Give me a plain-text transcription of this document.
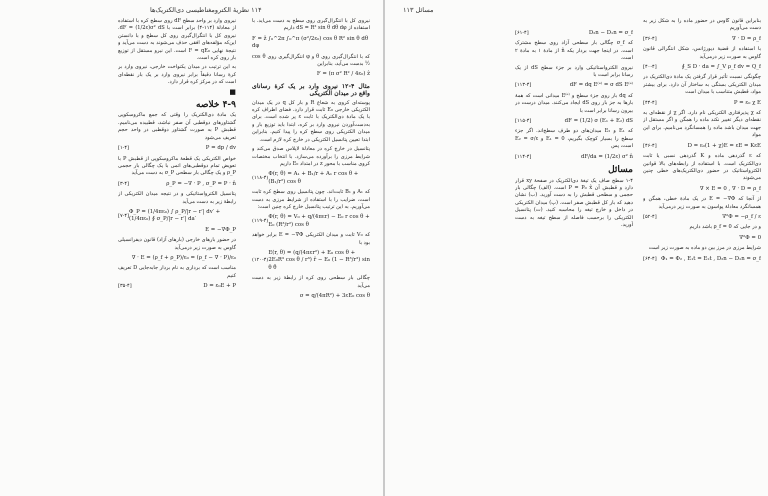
۱۱۴ نظریهٔ الکترومغناطیسی دی‌الکتریک‌ها

نیروی کل با انتگرال‌گیری روی سطح به دست می‌آید. با استفاده از dS = R² sin θ dθ dφ داریم

F = ẑ ∫₀^2π ∫₀^π (σ²/2ε₀) cos θ R² sin θ dθ dφ

که با انتگرال‌گیری روی θ و φ انتگرال‌گیری روی cos θ ½ بدست می‌آید، بنابراین

F = (π σ² R² / 4ε₀) ẑ
مثال ۴-۱۲ نیروی وارد بر یک کرهٔ رسانای واقع در میدان الکتریکی

پوسته‌ای کروی به شعاع R و بار کل q در یک میدان الکتریکی خارجی E₀ ثابت قرار دارد. فضای اطراف کره با یک مادهٔ دی‌الکتریک با ثابت ε پر شده است. برای به‌دست‌آوردن نیروی وارد بر کره، ابتدا باید توزیع بار و میدان الکتریکی روی سطح کره را پیدا کنیم. بنابراین ابتدا تعیین پتانسیل الکتریکی در خارج کره لازم است.

پتانسیل در خارج کره در معادلهٔ لاپلاس صدق می‌کند و شرایط مرزی را برآورده می‌سازد. با انتخاب مختصات کروی مناسب با محور z در امتداد E₀ داریم

(۱۱۸-۴)
Φ(r, θ) = A₁ + B₁/r + A₁ r cos θ + (B₁/r²) cos θ

که A₁ و B₁ ثابت‌اند. چون پتانسیل روی سطح کره ثابت است، ضرایب را با استفاده از شرایط مرزی به دست می‌آوریم. به این ترتیب پتانسیل خارج کره چنین است:

(۱۱۹-۴)
Φ(r, θ) = V₀ + q/(4πεr) − E₀ r cos θ + E₀ (R³/r²) cos θ

که V₀ ثابت و میدان الکتریکی E = −∇Φ برابر خواهد بود با

(۱۲۰-۴)
E(r, θ) = (q/(4πεr²) + E₀ cos θ + 2E₀R³ cos θ / r³) r̂ − E₀ (1 − R³/r³) sin θ θ̂

چگالی بار سطحی روی کره از رابطهٔ زیر به دست می‌آید

σ = q/(4πR²) + 3εE₀ cos θ

نیروی وارد بر واحد سطح dF روی سطح کره با استفاده از معادلهٔ (۱۱۴-۴) برابر است با dF = (1/2ε)σ² dS. نیروی کل با انتگرال‌گیری روی کل سطح و با دانستن این‌که مؤلفه‌های افقی حذف می‌شوند به دست می‌آید و نتیجهٔ نهایی F = qE₀ است. این نیرو مستقل از توزیع بار روی کره است.

به این ترتیب در میدان یکنواخت خارجی، نیروی وارد بر کرهٔ رسانا دقیقاً برابر نیروی وارد بر یک بار نقطه‌ای است که در مرکز کره قرار دارد.

■
۴-۹ خلاصه

یک مادهٔ دی‌الکتریک را وقتی که جمع ماکروسکوپی گشتاورهای دوقطبی آن صفر نباشد، قطبیده می‌نامیم. قطبش P به صورت گشتاور دوقطبی در واحد حجم تعریف می‌شود

[۱-۴]	P = dp / dv

خواص الکتریکی یک قطعهٔ ماکروسکوپی از قطبش P با تعویض تمام دوقطبی‌های اتمی با یک چگالی بار حجمی ρ_P و یک چگالی بار سطحی σ_P به دست می‌آید

[۳-۴]	ρ_P = −∇ · P , σ_P = P · n̂

پتانسیل الکترواستاتیکی و در نتیجه میدان الکتریکی از رابطهٔ زیر به دست می‌آید

[۷-۴]
Φ_P = (1/4πε₀) ∫ ρ_P/|r − r′| dv′ + (1/4πε₀) ∮ σ_P/|r − r′| da′
E = −∇Φ_P

در حضور بارهای خارجی (بارهای آزاد) قانون دیفرانسیلی گاوس به صورت زیر درمی‌آید

∇ · E = (ρ_f + ρ_P)/ε₀ = (ρ_f − ∇ · P)/ε₀

مناسب است که برداری به نام بردار جابه‌جایی D تعریف کنیم

[۳۵-۴]	D = ε₀E + P
مسائل ۱۱۳

بنابراین قانون گاوس در حضور ماده را به شکل زیر به دست می‌آوریم

[۳۶-۴]	∇ · D = ρ_f

با استفاده از قضیهٔ دیورژانس، شکل انتگرالی قانون گاوس به صورت زیر درمی‌آید

[۴۰-۴]	∮_S D · da = ∫_V ρ_f dv = Q_f

چگونگی نسبت تأثیر قرار گرفتن یک مادهٔ دی‌الکتریک در میدان الکتریکی بستگی به ساختار آن دارد. برای بیشتر مواد، قطبش متناسب با میدان است

[۴۴-۴]	P = ε₀ χ E

که χ پذیرفتاری الکتریکی نام دارد. اگر χ از نقطه‌ای به نقطه‌ای دیگر تغییر نکند ماده را همگن و اگر مستقل از جهت میدان باشد ماده را همسانگرد می‌نامیم. برای این مواد

[۴۶-۴]	D = ε₀(1 + χ)E = εE = KεE

که ε گذردهی ماده و K گذردهی نسبی یا ثابت دی‌الکتریک است. با استفاده از رابطه‌های بالا قوانین الکترواستاتیک در حضور دی‌الکتریک‌های خطی چنین می‌شوند

∇ × E = 0 , ∇ · D = ρ_f

از آنجا که E = −∇Φ در یک مادهٔ خطی، همگن و همسانگرد معادلهٔ پواسون به صورت زیر درمی‌آید

[۵۲-۴]	∇²Φ = −ρ_f / ε

و در جایی که ρ_f = 0 باشد داریم

∇²Φ = 0

شرایط مرزی در مرز بین دو ماده به صورت زیر است

[۶۴-۴] Φ₁ = Φ₂ , E₁t = E₂t , D₂n − D₁n = σ_f
[۶۱-۴]	D₂n − D₁n = σ_f

که σ_f چگالی بار سطحی آزاد روی سطح مشترک است. در اینجا جهت بردار یکه n̂ از مادهٔ ۱ به مادهٔ ۲ است.

نیروی الکترواستاتیکی وارد بر جزء سطح dS از یک رسانا برابر است با

[۱۱۳-۴]	dF = dq E⁽ᵉ⁾ = σ dS E⁽ᵉ⁾

که dq بار روی جزء سطح و E⁽ᵉ⁾ میدانی است که همهٔ بارها به جز بار روی dS ایجاد می‌کنند. میدان درست در بیرون رسانا برابر است با

[۱۱۵-۴]	dF = (1/2) σ (E₁ + E₂) dS

که E₁ و E₂ میدان‌های دو طرف سطح‌اند. اگر جزء سطح را بسیار کوچک بگیریم، E₁ = 0 و E₂ = σ/ε است، پس

[۱۱۴-۴]	dF/da = (1/2ε) σ² n̂
مسائل

۱-۴ سطح صاف یک تیغهٔ دی‌الکتریک در صفحهٔ xy قرار دارد و قطبش آن P = P₀ x̂ است. (الف) چگالی بار حجمی و سطحی قطبش را به دست آورید. (ب) نشان دهید که بار کل قطبش صفر است. (پ) میدان الکتریکی در داخل و خارج تیغه را محاسبه کنید. (ت) پتانسیل الکتریکی را برحسب فاصله از سطح تیغه به دست آورید.
